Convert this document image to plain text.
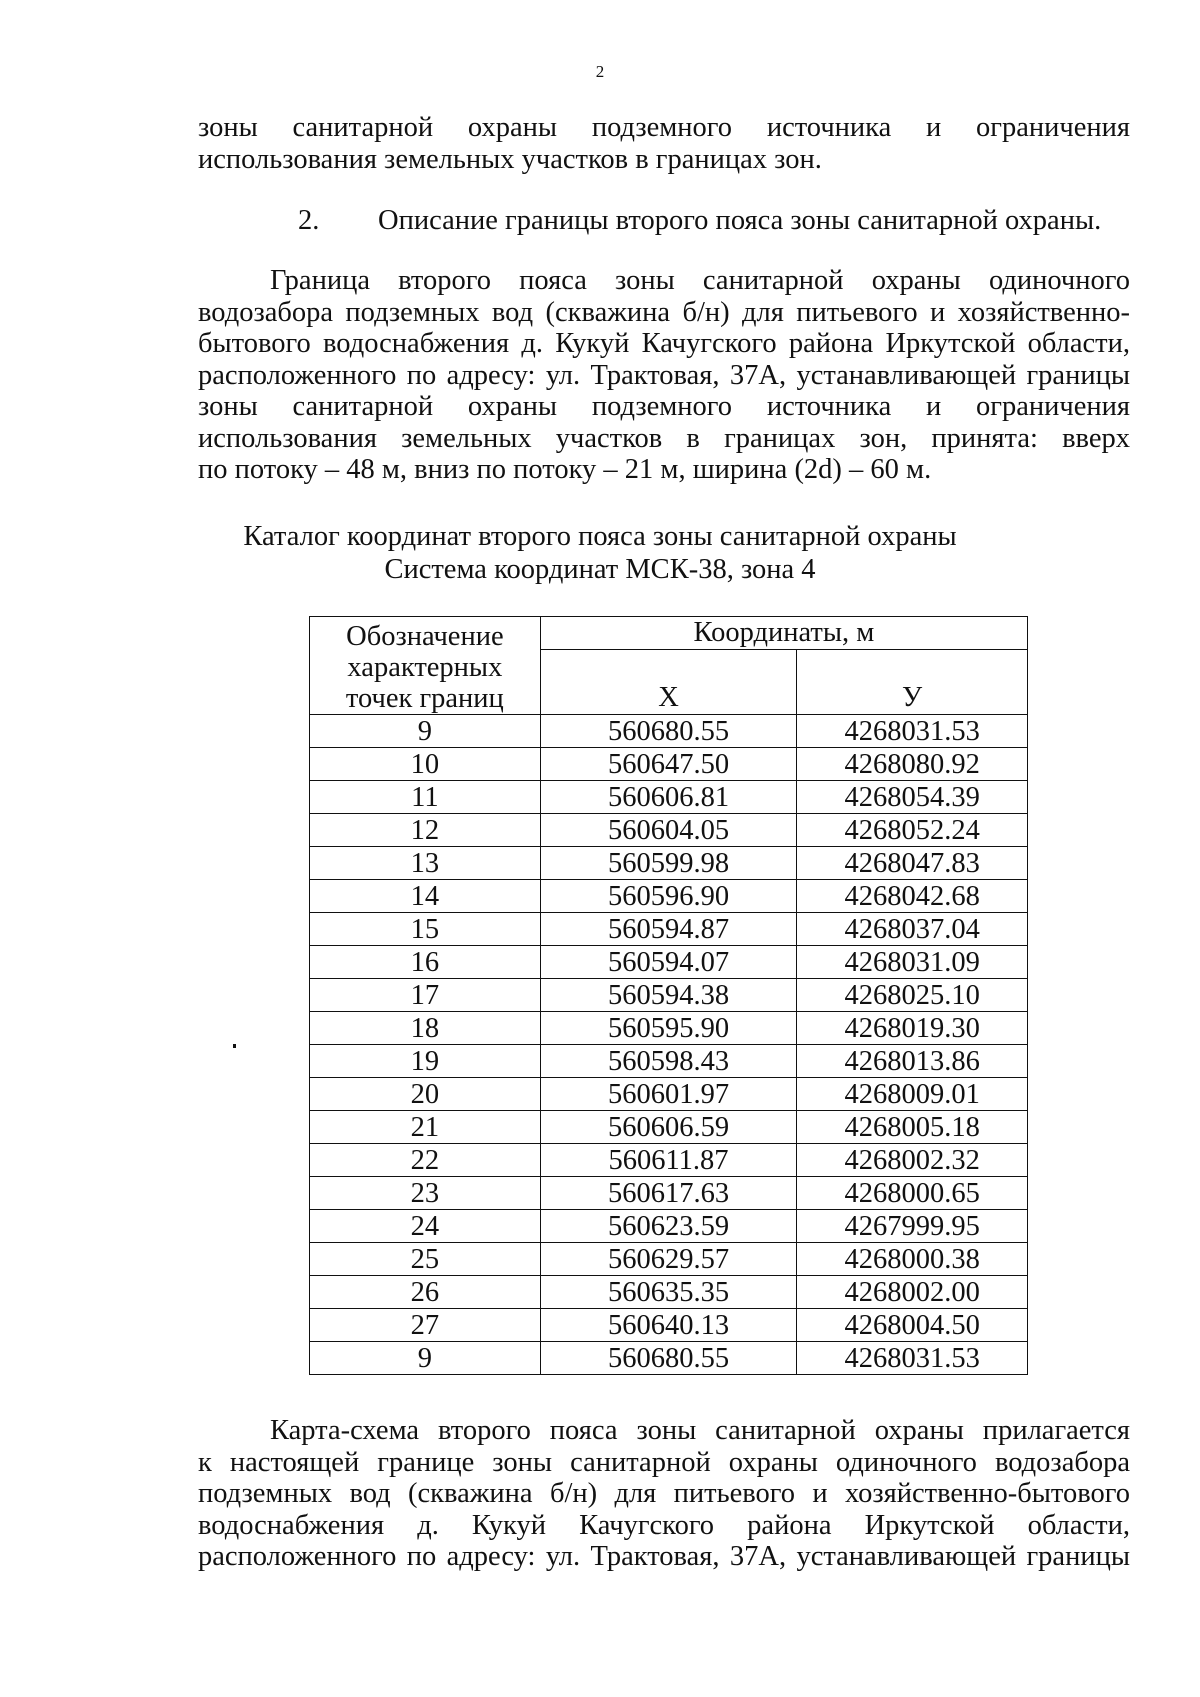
2
зоны санитарной охраны подземного источника и ограничения
использования земельных участков в границах зон.
2. Описание границы второго пояса зоны санитарной охраны.
Граница второго пояса зоны санитарной охраны одиночного
водозабора подземных вод (скважина б/н) для питьевого и хозяйственно-
бытового водоснабжения д. Кукуй Качугского района Иркутской области,
расположенного по адресу: ул. Трактовая, 37А, устанавливающей границы
зоны санитарной охраны подземного источника и ограничения
использования земельных участков в границах зон, принята: вверх
по потоку – 48 м, вниз по потоку – 21 м, ширина (2d) – 60 м.
Каталог координат второго пояса зоны санитарной охраны
Система координат МСК-38, зона 4
Обозначение
характерных
точек границ	Координаты, м	
	X	У
9	560680.55	4268031.53
10	560647.50	4268080.92
11	560606.81	4268054.39
12	560604.05	4268052.24
13	560599.98	4268047.83
14	560596.90	4268042.68
15	560594.87	4268037.04
16	560594.07	4268031.09
17	560594.38	4268025.10
18	560595.90	4268019.30
19	560598.43	4268013.86
20	560601.97	4268009.01
21	560606.59	4268005.18
22	560611.87	4268002.32
23	560617.63	4268000.65
24	560623.59	4267999.95
25	560629.57	4268000.38
26	560635.35	4268002.00
27	560640.13	4268004.50
9	560680.55	4268031.53
Карта-схема второго пояса зоны санитарной охраны прилагается
к настоящей границе зоны санитарной охраны одиночного водозабора
подземных вод (скважина б/н) для питьевого и хозяйственно-бытового
водоснабжения д. Кукуй Качугского района Иркутской области,
расположенного по адресу: ул. Трактовая, 37А, устанавливающей границы
